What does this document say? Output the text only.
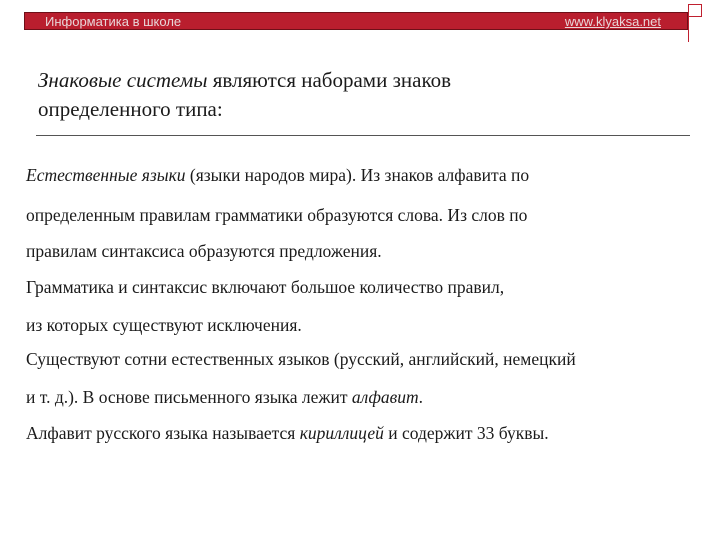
Информатика в школе	www.klyaksa.net
Знаковые системы являются наборами знаков
определенного типа:
Естественные языки (языки народов мира). Из знаков алфавита по
определенным правилам грамматики образуются слова. Из слов по
правилам синтаксиса образуются предложения.
Грамматика и синтаксис включают большое количество правил,
из которых существуют исключения.
Существуют сотни естественных языков (русский, английский, немецкий
и т. д.). В основе письменного языка лежит алфавит.
Алфавит русского языка называется кириллицей и содержит 33 буквы.
